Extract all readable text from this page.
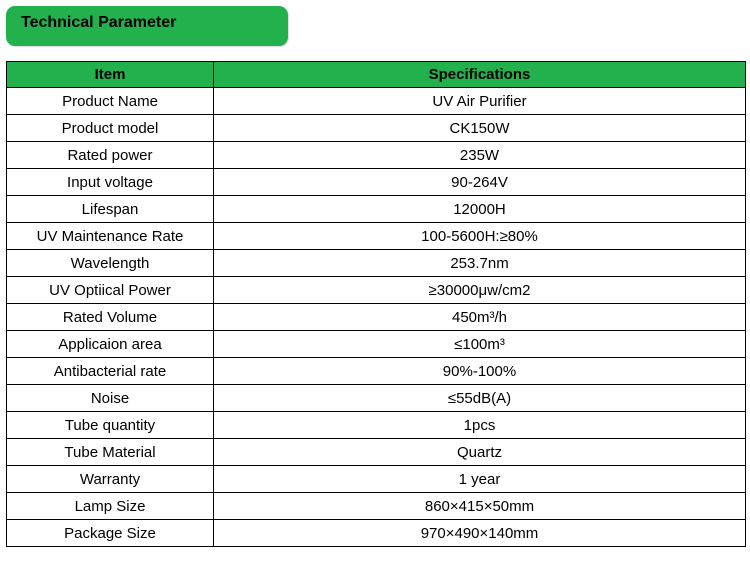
Technical Parameter
Item	Specifications
Product Name	UV Air Purifier
Product model	CK150W
Rated power	235W
Input voltage	90-264V
Lifespan	12000H
UV Maintenance Rate	100-5600H:≥80%
Wavelength	253.7nm
UV Optiical Power	≥30000μw/cm2
Rated Volume	450m³/h
Applicaion area	≤100m³
Antibacterial rate	90%-100%
Noise	≤55dB(A)
Tube quantity	1pcs
Tube Material	Quartz
Warranty	1 year
Lamp Size	860×415×50mm
Package Size	970×490×140mm
